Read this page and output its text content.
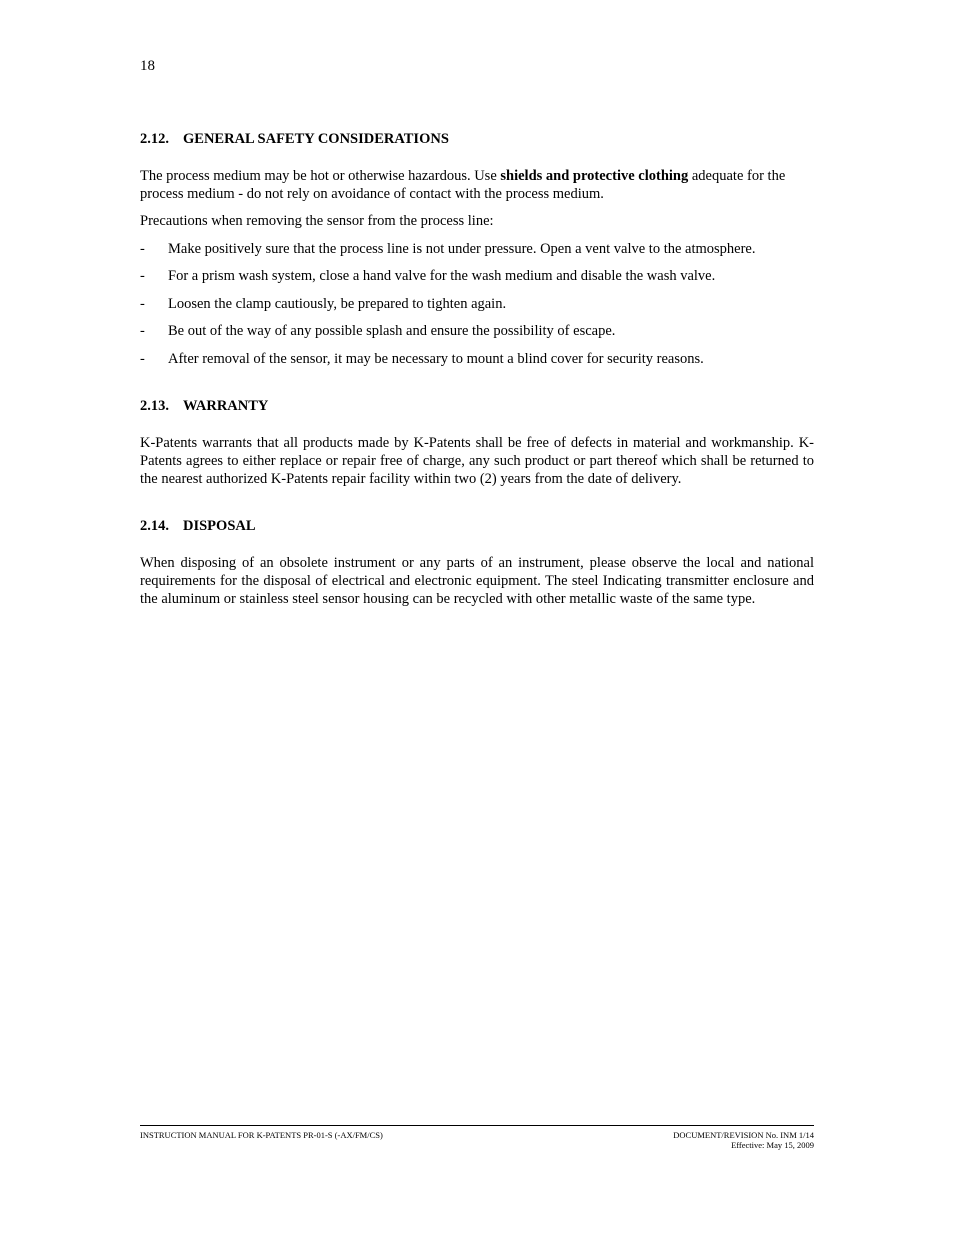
18
2.12. GENERAL SAFETY CONSIDERATIONS

The process medium may be hot or otherwise hazardous. Use shields and protective clothing adequate for the process medium - do not rely on avoidance of contact with the process medium.

Precautions when removing the sensor from the process line:

-	Make positively sure that the process line is not under pressure. Open a vent valve to the atmosphere.
-	For a prism wash system, close a hand valve for the wash medium and disable the wash valve.
-	Loosen the clamp cautiously, be prepared to tighten again.
-	Be out of the way of any possible splash and ensure the possibility of escape.
-	After removal of the sensor, it may be necessary to mount a blind cover for security reasons.
2.13. WARRANTY

K-Patents warrants that all products made by K-Patents shall be free of defects in material and workmanship. K-Patents agrees to either replace or repair free of charge, any such product or part thereof which shall be returned to the nearest authorized K-Patents repair facility within two (2) years from the date of delivery.

2.14. DISPOSAL

When disposing of an obsolete instrument or any parts of an instrument, please observe the local and national requirements for the disposal of electrical and electronic equipment. The steel Indicating transmitter enclosure and the aluminum or stainless steel sensor housing can be recycled with other metallic waste of the same type.

INSTRUCTION MANUAL FOR K-PATENTS PR-01-S (-AX/FM/CS)	DOCUMENT/REVISION No. INM 1/14
Effective: May 15, 2009
